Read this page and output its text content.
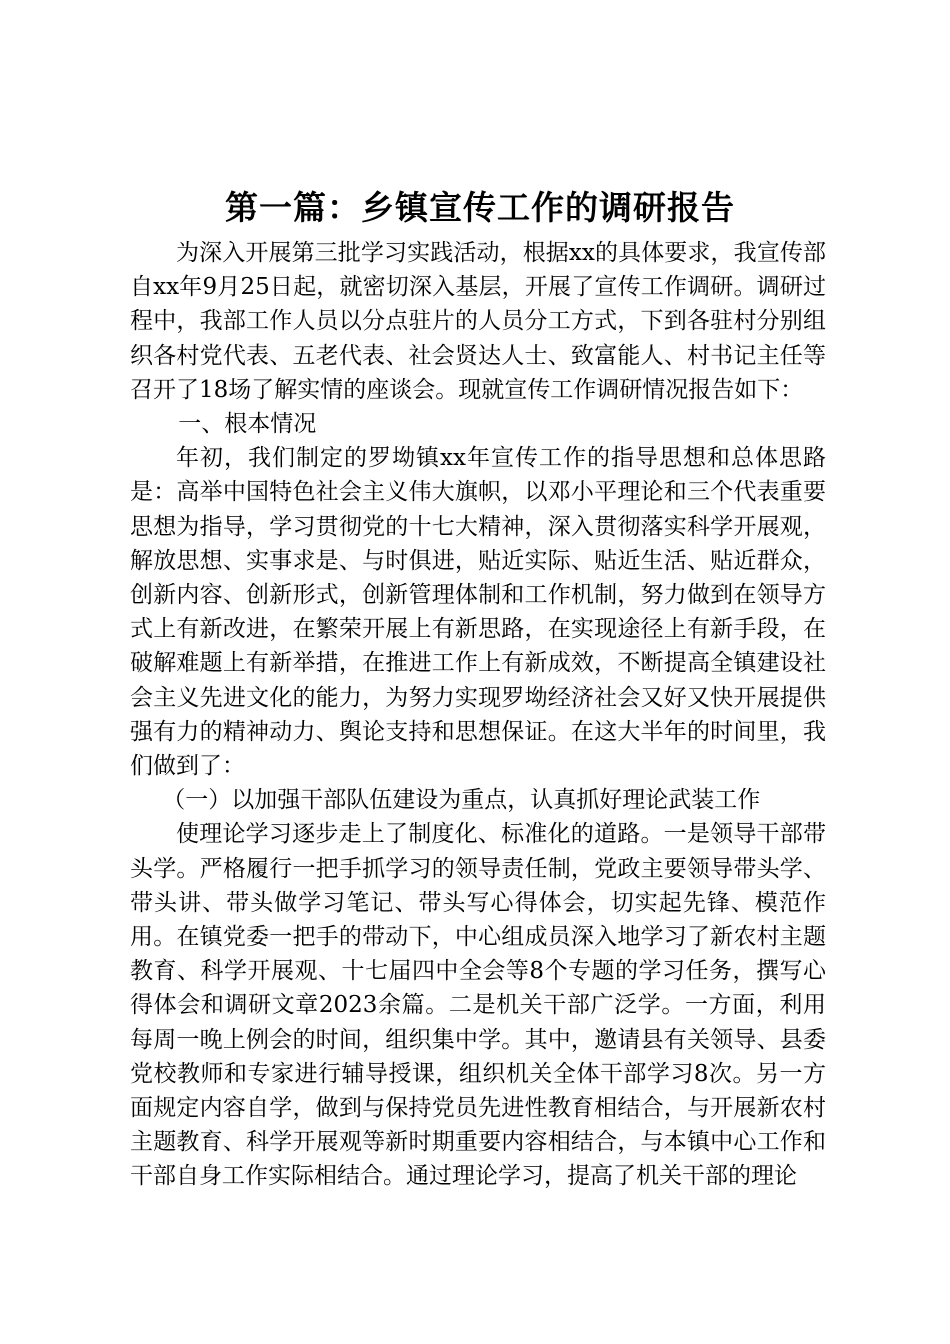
第一篇：乡镇宣传工作的调研报告

为深入开展第三批学习实践活动，根据xx的具体要求，我宣传部自xx年9月25日起，就密切深入基层，开展了宣传工作调研。调研过程中，我部工作人员以分点驻片的人员分工方式，下到各驻村分别组织各村党代表、五老代表、社会贤达人士、致富能人、村书记主任等召开了18场了解实情的座谈会。现就宣传工作调研情况报告如下：

一、根本情况

年初，我们制定的罗坳镇xx年宣传工作的指导思想和总体思路是：高举中国特色社会主义伟大旗帜，以邓小平理论和三个代表重要思想为指导，学习贯彻党的十七大精神，深入贯彻落实科学开展观，解放思想、实事求是、与时俱进，贴近实际、贴近生活、贴近群众，创新内容、创新形式，创新管理体制和工作机制，努力做到在领导方式上有新改进，在繁荣开展上有新思路，在实现途径上有新手段，在破解难题上有新举措，在推进工作上有新成效，不断提高全镇建设社会主义先进文化的能力，为努力实现罗坳经济社会又好又快开展提供强有力的精神动力、舆论支持和思想保证。在这大半年的时间里，我们做到了：

（一）以加强干部队伍建设为重点，认真抓好理论武装工作

使理论学习逐步走上了制度化、标准化的道路。一是领导干部带头学。严格履行一把手抓学习的领导责任制，党政主要领导带头学、带头讲、带头做学习笔记、带头写心得体会，切实起先锋、模范作用。在镇党委一把手的带动下，中心组成员深入地学习了新农村主题教育、科学开展观、十七届四中全会等8个专题的学习任务，撰写心得体会和调研文章2023余篇。二是机关干部广泛学。一方面，利用每周一晚上例会的时间，组织集中学。其中，邀请县有关领导、县委党校教师和专家进行辅导授课，组织机关全体干部学习8次。另一方面规定内容自学，做到与保持党员先进性教育相结合，与开展新农村主题教育、科学开展观等新时期重要内容相结合，与本镇中心工作和干部自身工作实际相结合。通过理论学习，提高了机关干部的理论
